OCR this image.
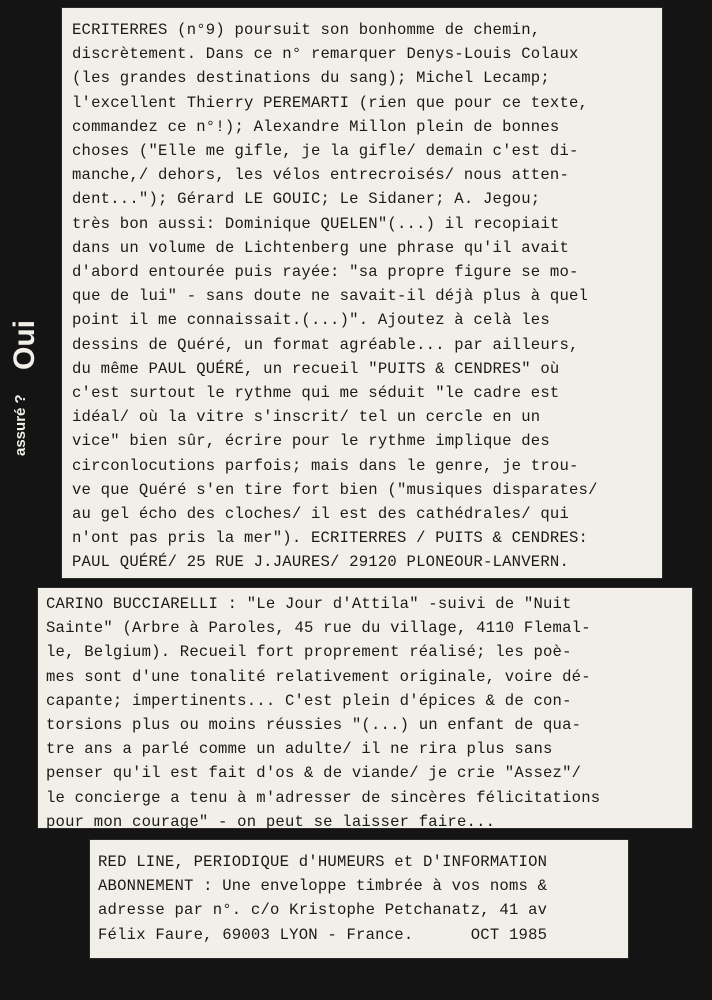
Oui
assuré ?

ECRITERRES (n°9) poursuit son bonhomme de chemin,

discrètement. Dans ce n° remarquer Denys-Louis Colaux

(les grandes destinations du sang); Michel Lecamp;

l'excellent Thierry PEREMARTI (rien que pour ce texte,

commandez ce n°!); Alexandre Millon plein de bonnes

choses ("Elle me gifle, je la gifle/ demain c'est di-

manche,/ dehors, les vélos entrecroisés/ nous atten-

dent..."); Gérard LE GOUIC; Le Sidaner; A. Jegou;

très bon aussi: Dominique QUELEN"(...) il recopiait

dans un volume de Lichtenberg une phrase qu'il avait

d'abord entourée puis rayée: "sa propre figure se mo-

que de lui" - sans doute ne savait-il déjà plus à quel

point il me connaissait.(...)". Ajoutez à celà les

dessins de Quéré, un format agréable... par ailleurs,

du même PAUL QUÉRÉ, un recueil "PUITS & CENDRES" où

c'est surtout le rythme qui me séduit "le cadre est

idéal/ où la vitre s'inscrit/ tel un cercle en un

vice" bien sûr, écrire pour le rythme implique des

circonlocutions parfois; mais dans le genre, je trou-

ve que Quéré s'en tire fort bien ("musiques disparates/

au gel écho des cloches/ il est des cathédrales/ qui

n'ont pas pris la mer"). ECRITERRES / PUITS & CENDRES:

PAUL QUÉRÉ/ 25 RUE J.JAURES/ 29120 PLONEOUR-LANVERN.

CARINO BUCCIARELLI : "Le Jour d'Attila" -suivi de "Nuit

Sainte" (Arbre à Paroles, 45 rue du village, 4110 Flemal-

le, Belgium). Recueil fort proprement réalisé; les poè-

mes sont d'une tonalité relativement originale, voire dé-

capante; impertinents... C'est plein d'épices & de con-

torsions plus ou moins réussies "(...) un enfant de qua-

tre ans a parlé comme un adulte/ il ne rira plus sans

penser qu'il est fait d'os & de viande/ je crie "Assez"/

le concierge a tenu à m'adresser de sincères félicitations

pour mon courage" - on peut se laisser faire...

RED LINE, PERIODIQUE d'HUMEURS et D'INFORMATION

ABONNEMENT : Une enveloppe timbrée à vos noms &

adresse par n°. c/o Kristophe Petchanatz, 41 av

Félix Faure, 69003 LYON - France.      OCT 1985
